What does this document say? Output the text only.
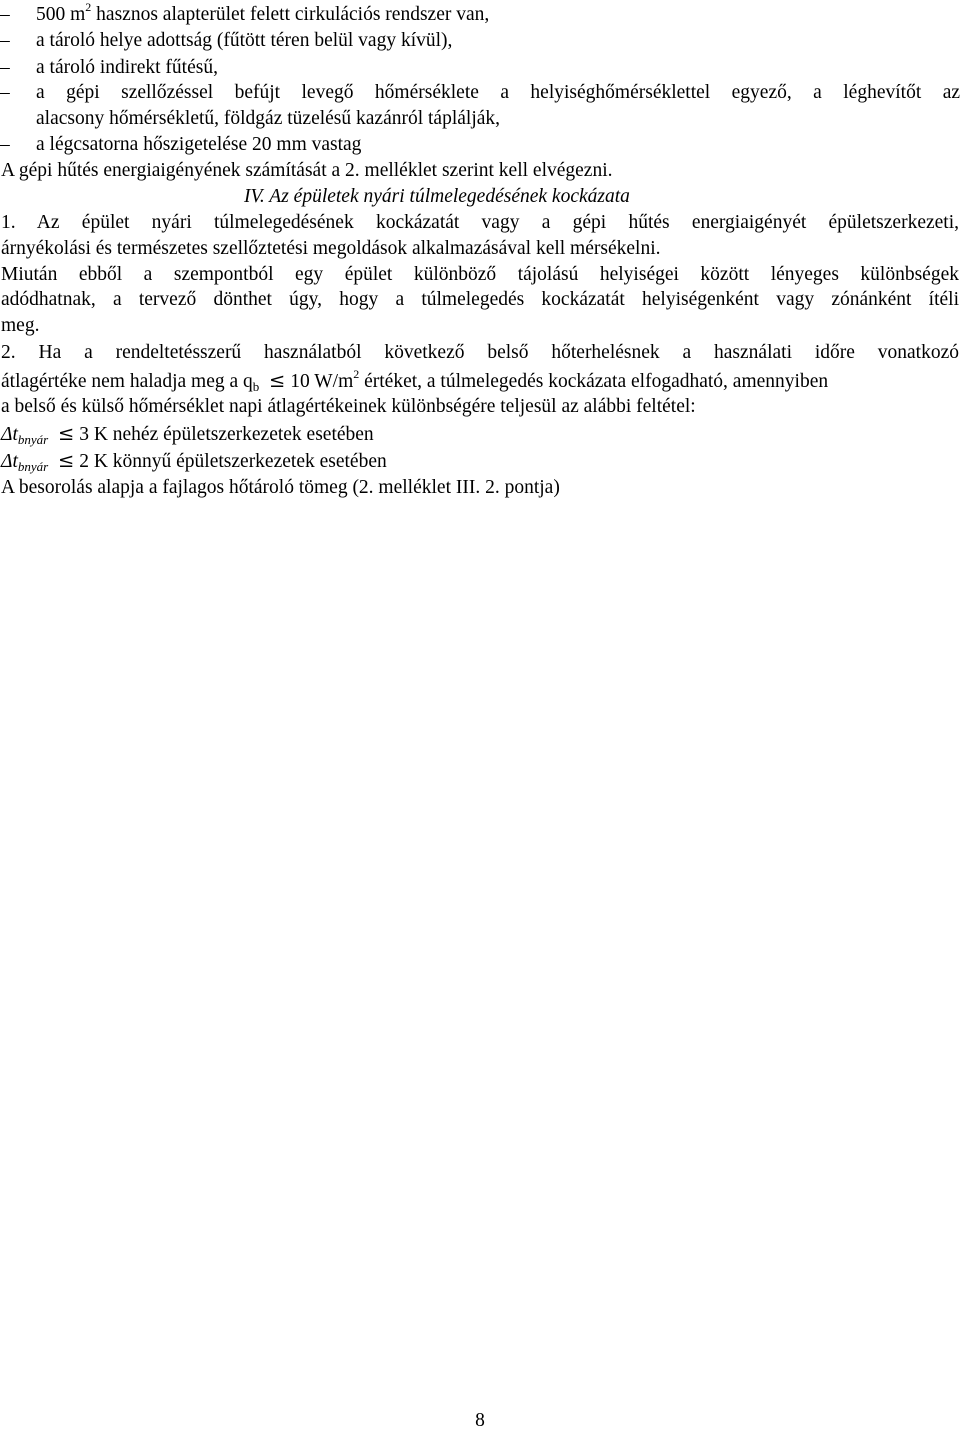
– 500 $m^2$ hasznos alapterület felett cirkulációs rendszer van,
– a tároló helye adottság (fűtött téren belül vagy kívül),
– a tároló indirekt fűtésű,
– a gépi szellőzéssel befújt levegő hőmérséklete a helyiséghőmérséklettel egyező, a léghevítőt az
alacsony hőmérsékletű, földgáz tüzelésű kazánról táplálják,
– a légcsatorna hőszigetelése 20 mm vastag
A gépi hűtés energiaigényének számítását a 2. melléklet szerint kell elvégezni.
IV. Az épületek nyári túlmelegedésének kockázata
1. Az épület nyári túlmelegedésének kockázatát vagy a gépi hűtés energiaigényét épületszerkezeti,
árnyékolási és természetes szellőztetési megoldások alkalmazásával kell mérsékelni.
Miután ebből a szempontból egy épület különböző tájolású helyiségei között lényeges különbségek
adódhatnak, a tervező dönthet úgy, hogy a túlmelegedés kockázatát helyiségenként vagy zónánként ítéli
meg.
2. Ha a rendeltetésszerű használatból következő belső hőterhelésnek a használati időre vonatkozó
átlagértéke nem haladja meg a $q_b \le 10$ $W/m^2$ értéket, a túlmelegedés kockázata elfogadható, amennyiben
a belső és külső hőmérséklet napi átlagértékeinek különbségére teljesül az alábbi feltétel:
$\Delta t_{bnyár} \le 3$ K nehéz épületszerkezetek esetében
$\Delta t_{bnyár} \le 2$ K könnyű épületszerkezetek esetében
A besorolás alapja a fajlagos hőtároló tömeg (2. melléklet III. 2. pontja)
8
